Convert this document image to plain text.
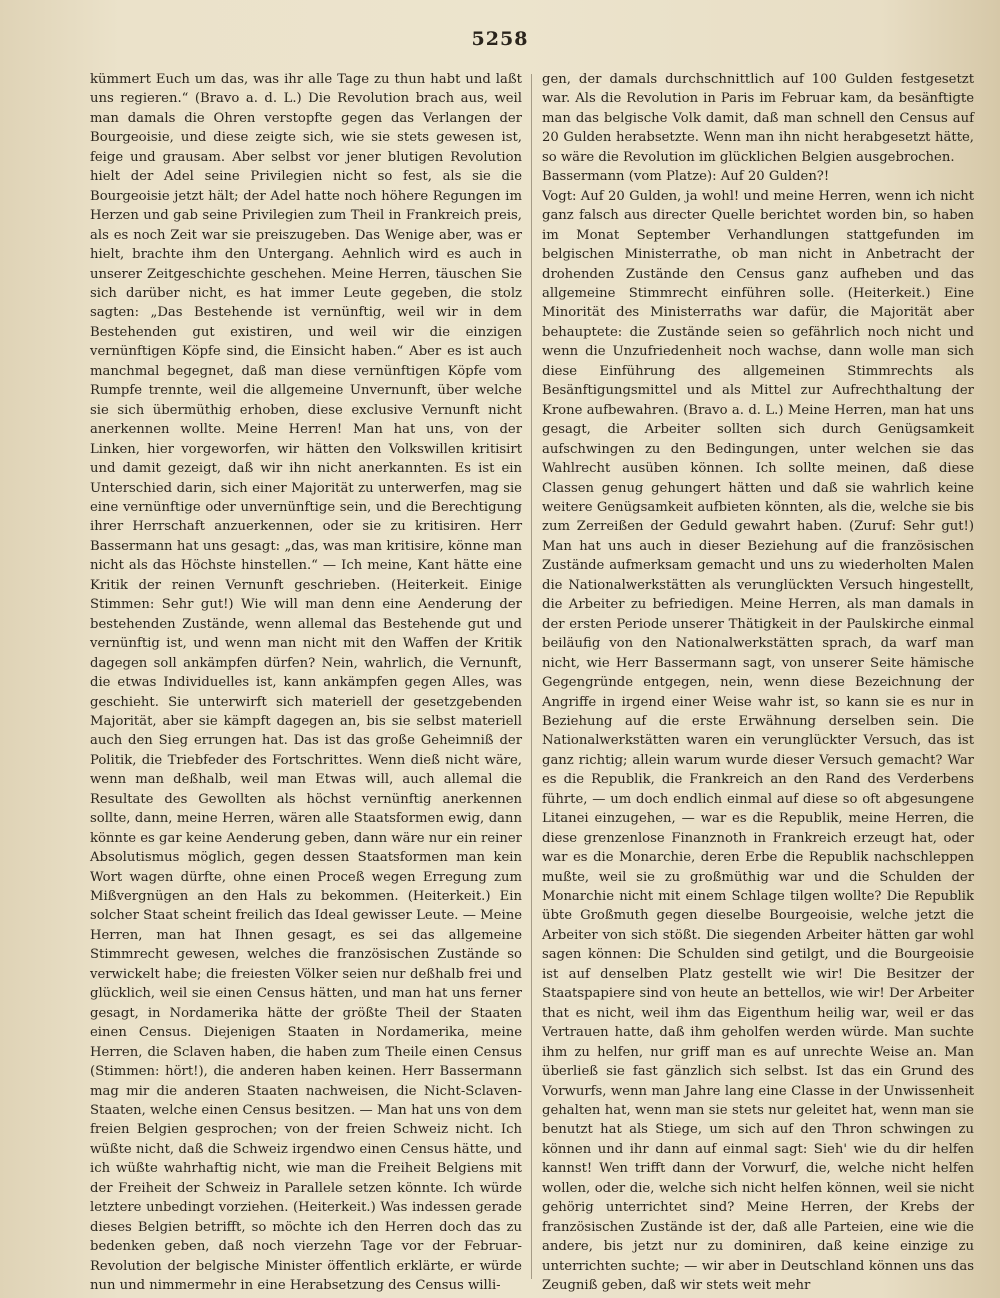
5258

kümmert Euch um das, was ihr alle Tage zu thun habt und laßt uns regieren.“ (Bravo a. d. L.) Die Revolution brach aus, weil man damals die Ohren verstopfte gegen das Verlangen der Bourgeoisie, und diese zeigte sich, wie sie stets gewesen ist, feige und grausam. Aber selbst vor jener blutigen Revolution hielt der Adel seine Privilegien nicht so fest, als sie die Bourgeoisie jetzt hält; der Adel hatte noch höhere Regungen im Herzen und gab seine Privilegien zum Theil in Frankreich preis, als es noch Zeit war sie preiszugeben. Das Wenige aber, was er hielt, brachte ihm den Untergang. Aehnlich wird es auch in unserer Zeitgeschichte geschehen. Meine Herren, täuschen Sie sich darüber nicht, es hat immer Leute gegeben, die stolz sagten: „Das Bestehende ist vernünftig, weil wir in dem Bestehenden gut existiren, und weil wir die einzigen vernünftigen Köpfe sind, die Einsicht haben.“ Aber es ist auch manchmal begegnet, daß man diese vernünftigen Köpfe vom Rumpfe trennte, weil die allgemeine Unvernunft, über welche sie sich übermüthig erhoben, diese exclusive Vernunft nicht anerkennen wollte. Meine Herren! Man hat uns, von der Linken, hier vorgeworfen, wir hätten den Volkswillen kritisirt und damit gezeigt, daß wir ihn nicht anerkannten. Es ist ein Unterschied darin, sich einer Majorität zu unterwerfen, mag sie eine vernünftige oder unvernünftige sein, und die Berechtigung ihrer Herrschaft anzuerkennen, oder sie zu kritisiren. Herr Bassermann hat uns gesagt: „das, was man kritisire, könne man nicht als das Höchste hinstellen.“ — Ich meine, Kant hätte eine Kritik der reinen Vernunft geschrieben. (Heiterkeit. Einige Stimmen: Sehr gut!) Wie will man denn eine Aenderung der bestehenden Zustände, wenn allemal das Bestehende gut und vernünftig ist, und wenn man nicht mit den Waffen der Kritik dagegen soll ankämpfen dürfen? Nein, wahrlich, die Vernunft, die etwas Individuelles ist, kann ankämpfen gegen Alles, was geschieht. Sie unterwirft sich materiell der gesetzgebenden Majorität, aber sie kämpft dagegen an, bis sie selbst materiell auch den Sieg errungen hat. Das ist das große Geheimniß der Politik, die Triebfeder des Fortschrittes. Wenn dieß nicht wäre, wenn man deßhalb, weil man Etwas will, auch allemal die Resultate des Gewollten als höchst vernünftig anerkennen sollte, dann, meine Herren, wären alle Staatsformen ewig, dann könnte es gar keine Aenderung geben, dann wäre nur ein reiner Absolutismus möglich, gegen dessen Staatsformen man kein Wort wagen dürfte, ohne einen Proceß wegen Erregung zum Mißvergnügen an den Hals zu bekommen. (Heiterkeit.) Ein solcher Staat scheint freilich das Ideal gewisser Leute. — Meine Herren, man hat Ihnen gesagt, es sei das allgemeine Stimmrecht gewesen, welches die französischen Zustände so verwickelt habe; die freiesten Völker seien nur deßhalb frei und glücklich, weil sie einen Census hätten, und man hat uns ferner gesagt, in Nordamerika hätte der größte Theil der Staaten einen Census. Diejenigen Staaten in Nordamerika, meine Herren, die Sclaven haben, die haben zum Theile einen Census (Stimmen: hört!), die anderen haben keinen. Herr Bassermann mag mir die anderen Staaten nachweisen, die Nicht-Sclaven-Staaten, welche einen Census besitzen. — Man hat uns von dem freien Belgien gesprochen; von der freien Schweiz nicht. Ich wüßte nicht, daß die Schweiz irgendwo einen Census hätte, und ich wüßte wahrhaftig nicht, wie man die Freiheit Belgiens mit der Freiheit der Schweiz in Parallele setzen könnte. Ich würde letztere unbedingt vorziehen. (Heiterkeit.) Was indessen gerade dieses Belgien betrifft, so möchte ich den Herren doch das zu bedenken geben, daß noch vierzehn Tage vor der Februar-Revolution der belgische Minister öffentlich erklärte, er würde nun und nimmermehr in eine Herabsetzung des Census willi-

gen, der damals durchschnittlich auf 100 Gulden festgesetzt war. Als die Revolution in Paris im Februar kam, da besänftigte man das belgische Volk damit, daß man schnell den Census auf 20 Gulden herabsetzte. Wenn man ihn nicht herabgesetzt hätte, so wäre die Revolution im glücklichen Belgien ausgebrochen.

Bassermann (vom Platze): Auf 20 Gulden?!

Vogt: Auf 20 Gulden, ja wohl! und meine Herren, wenn ich nicht ganz falsch aus directer Quelle berichtet worden bin, so haben im Monat September Verhandlungen stattgefunden im belgischen Ministerrathe, ob man nicht in Anbetracht der drohenden Zustände den Census ganz aufheben und das allgemeine Stimmrecht einführen solle. (Heiterkeit.) Eine Minorität des Ministerraths war dafür, die Majorität aber behauptete: die Zustände seien so gefährlich noch nicht und wenn die Unzufriedenheit noch wachse, dann wolle man sich diese Einführung des allgemeinen Stimmrechts als Besänftigungsmittel und als Mittel zur Aufrechthaltung der Krone aufbewahren. (Bravo a. d. L.) Meine Herren, man hat uns gesagt, die Arbeiter sollten sich durch Genügsamkeit aufschwingen zu den Bedingungen, unter welchen sie das Wahlrecht ausüben können. Ich sollte meinen, daß diese Classen genug gehungert hätten und daß sie wahrlich keine weitere Genügsamkeit aufbieten könnten, als die, welche sie bis zum Zerreißen der Geduld gewahrt haben. (Zuruf: Sehr gut!) Man hat uns auch in dieser Beziehung auf die französischen Zustände aufmerksam gemacht und uns zu wiederholten Malen die Nationalwerkstätten als verunglückten Versuch hingestellt, die Arbeiter zu befriedigen. Meine Herren, als man damals in der ersten Periode unserer Thätigkeit in der Paulskirche einmal beiläufig von den Nationalwerkstätten sprach, da warf man nicht, wie Herr Bassermann sagt, von unserer Seite hämische Gegengründe entgegen, nein, wenn diese Bezeichnung der Angriffe in irgend einer Weise wahr ist, so kann sie es nur in Beziehung auf die erste Erwähnung derselben sein. Die Nationalwerkstätten waren ein verunglückter Versuch, das ist ganz richtig; allein warum wurde dieser Versuch gemacht? War es die Republik, die Frankreich an den Rand des Verderbens führte, — um doch endlich einmal auf diese so oft abgesungene Litanei einzugehen, — war es die Republik, meine Herren, die diese grenzenlose Finanznoth in Frankreich erzeugt hat, oder war es die Monarchie, deren Erbe die Republik nachschleppen mußte, weil sie zu großmüthig war und die Schulden der Monarchie nicht mit einem Schlage tilgen wollte? Die Republik übte Großmuth gegen dieselbe Bourgeoisie, welche jetzt die Arbeiter von sich stößt. Die siegenden Arbeiter hätten gar wohl sagen können: Die Schulden sind getilgt, und die Bourgeoisie ist auf denselben Platz gestellt wie wir! Die Besitzer der Staatspapiere sind von heute an bettellos, wie wir! Der Arbeiter that es nicht, weil ihm das Eigenthum heilig war, weil er das Vertrauen hatte, daß ihm geholfen werden würde. Man suchte ihm zu helfen, nur griff man es auf unrechte Weise an. Man überließ sie fast gänzlich sich selbst. Ist das ein Grund des Vorwurfs, wenn man Jahre lang eine Classe in der Unwissenheit gehalten hat, wenn man sie stets nur geleitet hat, wenn man sie benutzt hat als Stiege, um sich auf den Thron schwingen zu können und ihr dann auf einmal sagt: Sieh' wie du dir helfen kannst! Wen trifft dann der Vorwurf, die, welche nicht helfen wollen, oder die, welche sich nicht helfen können, weil sie nicht gehörig unterrichtet sind? Meine Herren, der Krebs der französischen Zustände ist der, daß alle Parteien, eine wie die andere, bis jetzt nur zu dominiren, daß keine einzige zu unterrichten suchte; — wir aber in Deutschland können uns das Zeugniß geben, daß wir stets weit mehr
